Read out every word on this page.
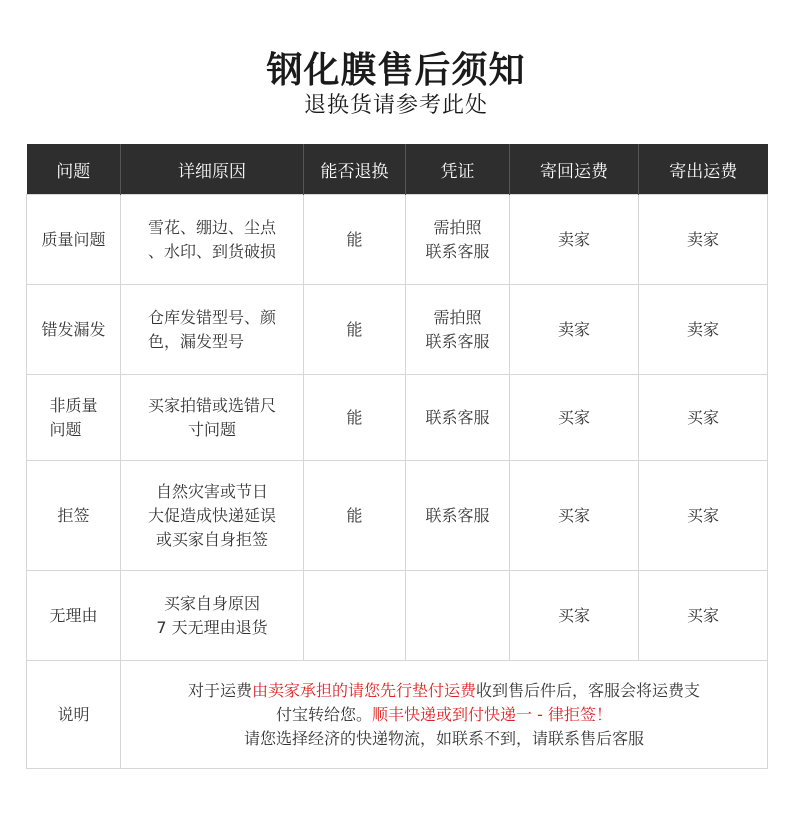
钢化膜售后须知
退换货请参考此处
问题	详细原因	能否退换	凭证	寄回运费	寄出运费
质量问题	雪花、绷边、尘点
、水印、到货破损	能	需拍照
联系客服	卖家	卖家
错发漏发	仓库发错型号、颜
色，漏发型号	能	需拍照
联系客服	卖家	卖家
非质量
问题	买家拍错或选错尺
寸问题	能	联系客服	买家	买家
拒签	自然灾害或节日
大促造成快递延误
或买家自身拒签	能	联系客服	买家	买家
无理由	买家自身原因
7 天无理由退货			买家	买家
说明	对于运费由卖家承担的请您先行垫付运费收到售后件后，客服会将运费支
付宝转给您。顺丰快递或到付快递一 - 律拒签！
请您选择经济的快递物流，如联系不到，请联系售后客服				
